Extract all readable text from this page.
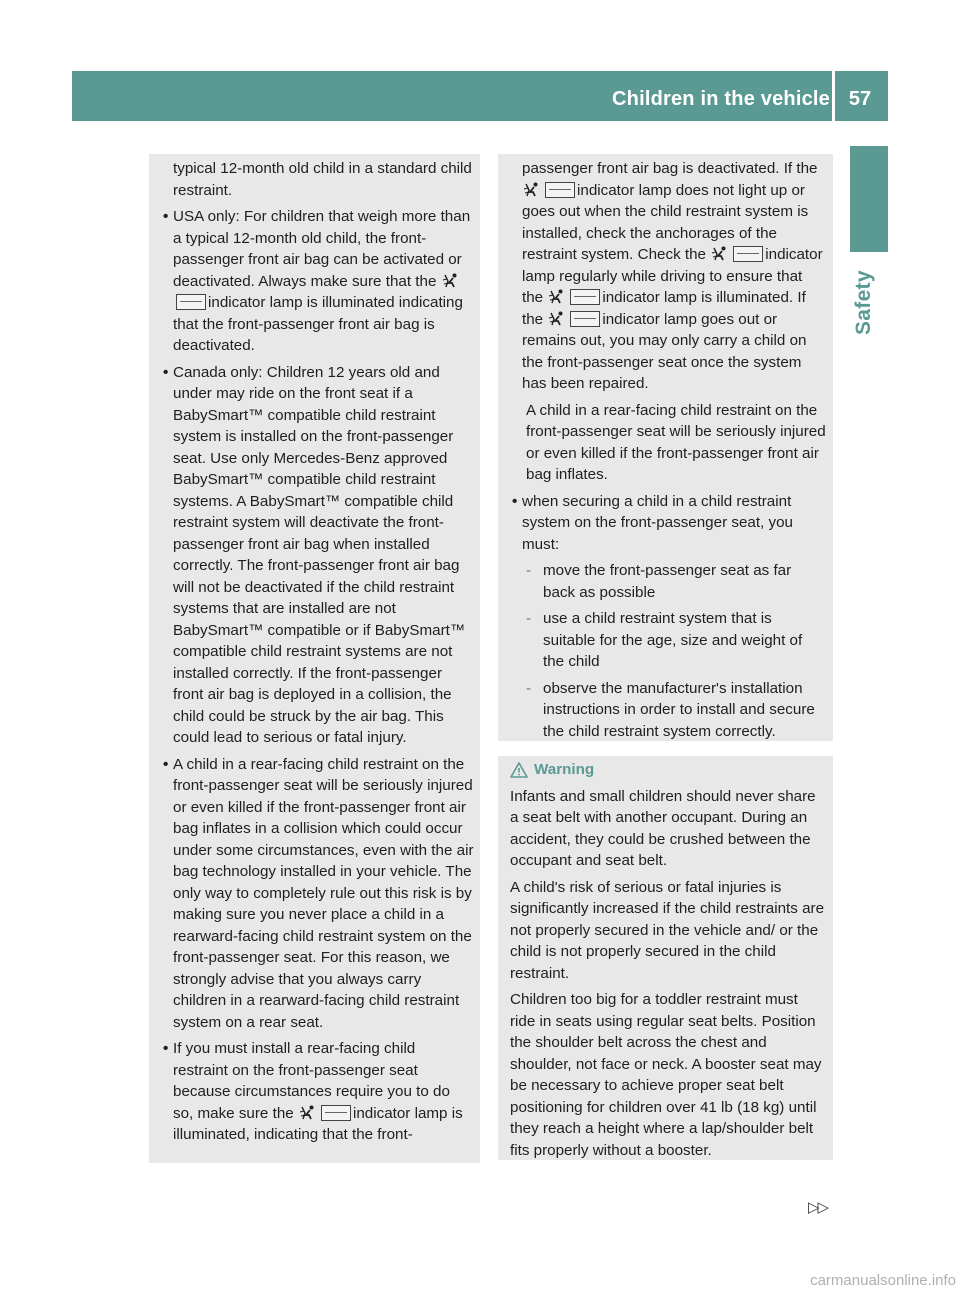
Children in the vehicle 57
Safety

typical 12-month old child in a standard child restraint.

• USA only: For children that weigh more than a typical 12-month old child, the front-passenger front air bag can be activated or deactivated. Always make sure that the indicator lamp is illuminated indicating that the front-passenger front air bag is deactivated.

• Canada only: Children 12 years old and under may ride on the front seat if a BabySmart™ compatible child restraint system is installed on the front-passenger seat. Use only Mercedes-Benz approved BabySmart™ compatible child restraint systems. A BabySmart™ compatible child restraint system will deactivate the front-passenger front air bag when installed correctly. The front-passenger front air bag will not be deactivated if the child restraint systems that are installed are not BabySmart™ compatible or if BabySmart™ compatible child restraint systems are not installed correctly. If the front-passenger front air bag is deployed in a collision, the child could be struck by the air bag. This could lead to serious or fatal injury.

• A child in a rear-facing child restraint on the front-passenger seat will be seriously injured or even killed if the front-passenger front air bag inflates in a collision which could occur under some circumstances, even with the air bag technology installed in your vehicle. The only way to completely rule out this risk is by making sure you never place a child in a rearward-facing child restraint system on the front-passenger seat. For this reason, we strongly advise that you always carry children in a rearward-facing child restraint system on a rear seat.

• If you must install a rear-facing child restraint on the front-passenger seat because circumstances require you to do so, make sure the	indicator lamp is illuminated, indicating that the front-

passenger front air bag is deactivated. If the indicator lamp does not light up or goes out when the child restraint system is installed, check the anchorages of the restraint system. Check the	indicator lamp regularly while driving to ensure that the	indicator lamp is illuminated. If the	indicator lamp goes out or remains out, you may only carry a child on the front-passenger seat once the system has been repaired.

A child in a rear-facing child restraint on the front-passenger seat will be seriously injured or even killed if the front-passenger front air bag inflates.

• when securing a child in a child restraint system on the front-passenger seat, you must:

- move the front-passenger seat as far back as possible

- use a child restraint system that is suitable for the age, size and weight of the child

- observe the manufacturer's installation instructions in order to install and secure the child restraint system correctly.

Warning

Infants and small children should never share a seat belt with another occupant. During an accident, they could be crushed between the occupant and seat belt.

A child's risk of serious or fatal injuries is significantly increased if the child restraints are not properly secured in the vehicle and/ or the child is not properly secured in the child restraint.

Children too big for a toddler restraint must ride in seats using regular seat belts. Position the shoulder belt across the chest and shoulder, not face or neck. A booster seat may be necessary to achieve proper seat belt positioning for children over 41 lb (18 kg) until they reach a height where a lap/shoulder belt fits properly without a booster.

▷▷
carmanualsonline.info
